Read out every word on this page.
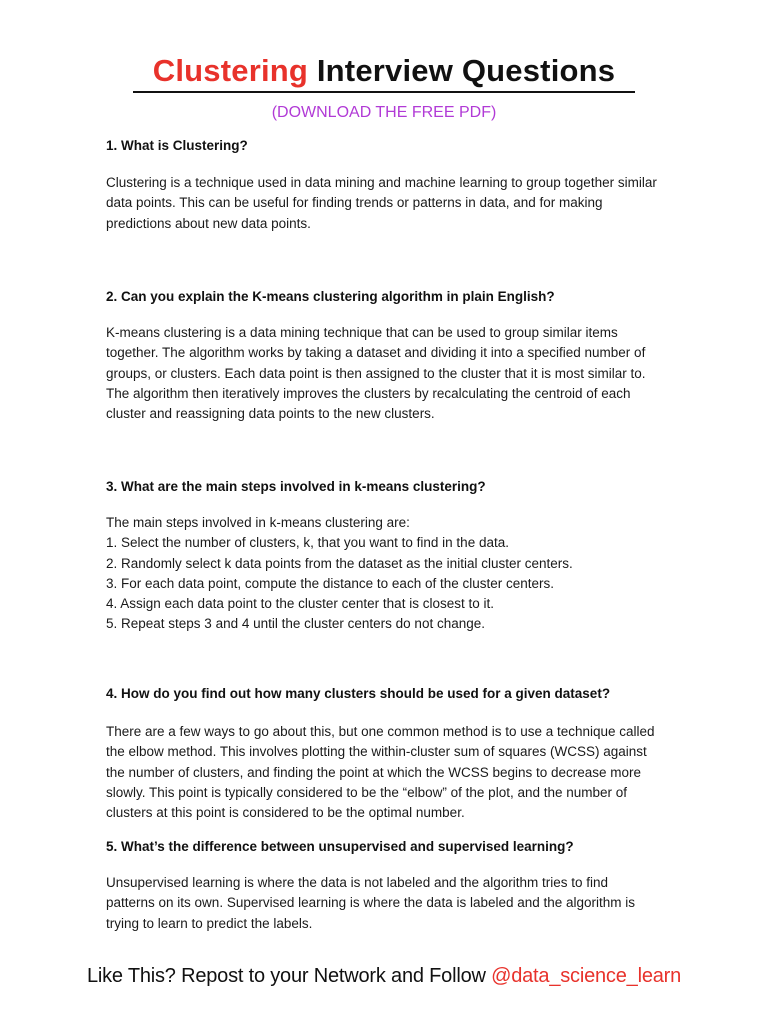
Clustering Interview Questions
(DOWNLOAD THE FREE PDF)
1. What is Clustering?
Clustering is a technique used in data mining and machine learning to group together similar
data points. This can be useful for finding trends or patterns in data, and for making
predictions about new data points.
2. Can you explain the K-means clustering algorithm in plain English?
K-means clustering is a data mining technique that can be used to group similar items
together. The algorithm works by taking a dataset and dividing it into a specified number of
groups, or clusters. Each data point is then assigned to the cluster that it is most similar to.
The algorithm then iteratively improves the clusters by recalculating the centroid of each
cluster and reassigning data points to the new clusters.
3. What are the main steps involved in k-means clustering?
The main steps involved in k-means clustering are:
1. Select the number of clusters, k, that you want to find in the data.
2. Randomly select k data points from the dataset as the initial cluster centers.
3. For each data point, compute the distance to each of the cluster centers.
4. Assign each data point to the cluster center that is closest to it.
5. Repeat steps 3 and 4 until the cluster centers do not change.
4. How do you find out how many clusters should be used for a given dataset?
There are a few ways to go about this, but one common method is to use a technique called
the elbow method. This involves plotting the within-cluster sum of squares (WCSS) against
the number of clusters, and finding the point at which the WCSS begins to decrease more
slowly. This point is typically considered to be the “elbow” of the plot, and the number of
clusters at this point is considered to be the optimal number.
5. What’s the difference between unsupervised and supervised learning?
Unsupervised learning is where the data is not labeled and the algorithm tries to find
patterns on its own. Supervised learning is where the data is labeled and the algorithm is
trying to learn to predict the labels.
Like This? Repost to your Network and Follow @data_science_learn
